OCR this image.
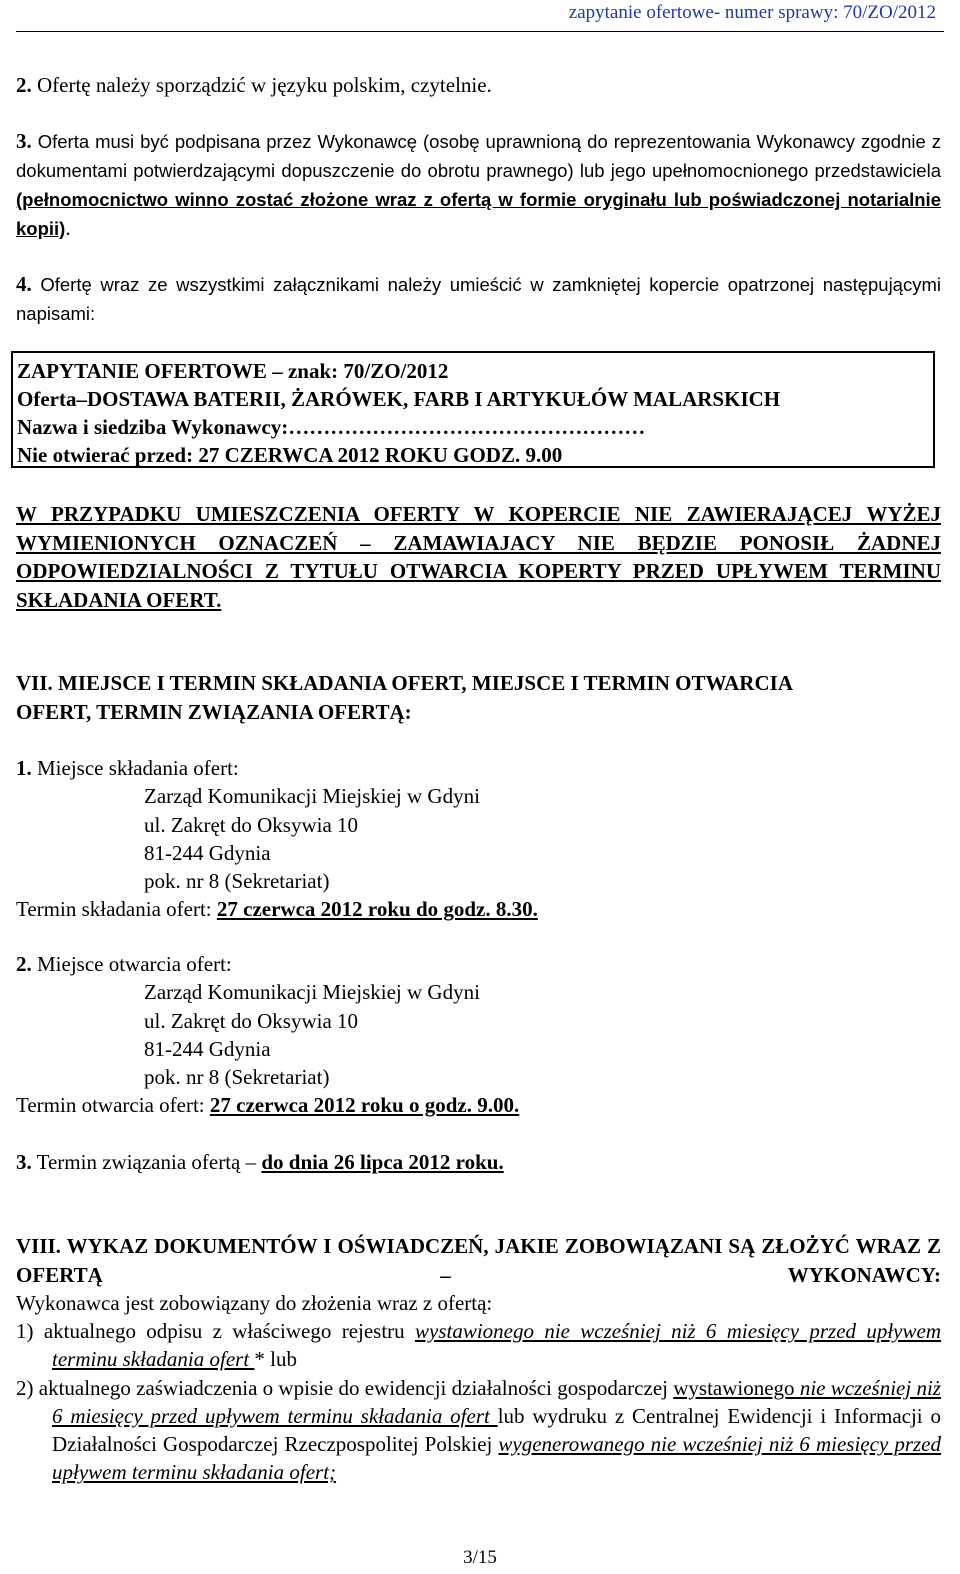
zapytanie ofertowe- numer sprawy: 70/ZO/2012
2. Ofertę należy sporządzić w języku polskim, czytelnie.
3. Oferta musi być podpisana przez Wykonawcę (osobę uprawnioną do reprezentowania Wykonawcy zgodnie z dokumentami potwierdzającymi dopuszczenie do obrotu prawnego) lub jego upełnomocnionego przedstawiciela (pełnomocnictwo winno zostać złożone wraz z ofertą w formie oryginału lub poświadczonej notarialnie kopii).
4. Ofertę wraz ze wszystkimi załącznikami należy umieścić w zamkniętej kopercie opatrzonej następującymi napisami:
ZAPYTANIE OFERTOWE – znak: 70/ZO/2012
Oferta–DOSTAWA BATERII, ŻARÓWEK, FARB I ARTYKUŁÓW MALARSKICH
Nazwa i siedziba Wykonawcy:……………………………………………
Nie otwierać przed: 27 CZERWCA 2012 ROKU GODZ. 9.00
W PRZYPADKU UMIESZCZENIA OFERTY W KOPERCIE NIE ZAWIERAJĄCEJ WYŻEJ WYMIENIONYCH OZNACZEŃ – ZAMAWIAJACY NIE BĘDZIE PONOSIŁ ŻADNEJ ODPOWIEDZIALNOŚCI Z TYTUŁU OTWARCIA KOPERTY PRZED UPŁYWEM TERMINU SKŁADANIA OFERT.
VII. MIEJSCE I TERMIN SKŁADANIA OFERT, MIEJSCE I TERMIN OTWARCIA
OFERT, TERMIN ZWIĄZANIA OFERTĄ:
1. Miejsce składania ofert:
Zarząd Komunikacji Miejskiej w Gdyni
ul. Zakręt do Oksywia 10
81-244 Gdynia
pok. nr 8 (Sekretariat)
Termin składania ofert: 27 czerwca 2012 roku do godz. 8.30.
2. Miejsce otwarcia ofert:
Zarząd Komunikacji Miejskiej w Gdyni
ul. Zakręt do Oksywia 10
81-244 Gdynia
pok. nr 8 (Sekretariat)
Termin otwarcia ofert: 27 czerwca 2012 roku o godz. 9.00.
3. Termin związania ofertą – do dnia 26 lipca 2012 roku.
VIII. WYKAZ DOKUMENTÓW I OŚWIADCZEŃ, JAKIE ZOBOWIĄZANI SĄ ZŁOŻYĆ WRAZ Z OFERTĄ – WYKONAWCY:
Wykonawca jest zobowiązany do złożenia wraz z ofertą:
1) aktualnego odpisu z właściwego rejestru wystawionego nie wcześniej niż 6 miesięcy przed upływem terminu składania ofert * lub
2) aktualnego zaświadczenia o wpisie do ewidencji działalności gospodarczej wystawionego nie wcześniej niż 6 miesięcy przed upływem terminu składania ofert lub wydruku z Centralnej Ewidencji i Informacji o Działalności Gospodarczej Rzeczpospolitej Polskiej wygenerowanego nie wcześniej niż 6 miesięcy przed upływem terminu składania ofert;
3/15
